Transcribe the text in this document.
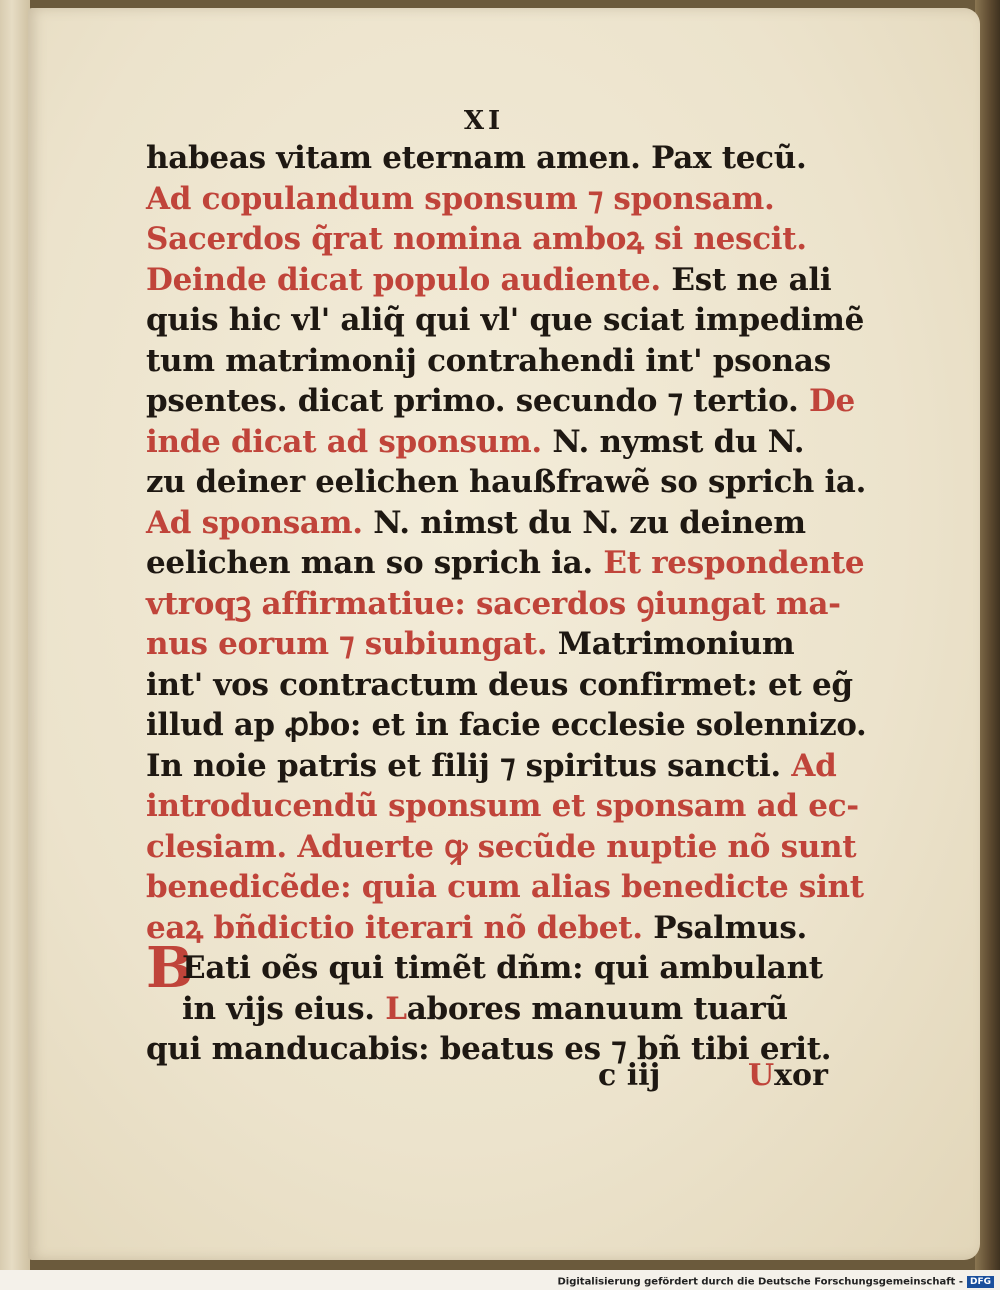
XI
habeas vitam eternam amen. Pax tecũ.
Ad copulandum sponsum ⁊ sponsam.
Sacerdos q̃rat nomina amboꝝ si nescit.
Deinde dicat populo audiente. Est ne ali
quis hic vl' aliq̃ qui vl' que sciat impedimẽ
tum matrimonij contrahendi int' psonas
psentes. dicat primo. secundo ⁊ tertio. De
inde dicat ad sponsum. N. nymst du N.
zu deiner eelichen haußfrawẽ so sprich ia.
Ad sponsam. N. nimst du N. zu deinem
eelichen man so sprich ia. Et respondente
vtroqꝫ affirmatiue: sacerdos ꝯiungat ma-
nus eorum ⁊ subiungat. Matrimonium
int' vos contractum deus confirmet: et eg̃
illud ap ꝓbo: et in facie ecclesie solennizo.
In noie patris et filij ⁊ spiritus sancti. Ad
introducendũ sponsum et sponsam ad ec-
clesiam. Aduerte ꝙ secũde nuptie nõ sunt
benedicẽde: quia cum alias benedicte sint
eaꝝ bñdictio iterari nõ debet. Psalmus.
BEati oẽs qui timẽt dñm: qui ambulant
in vijs eius. Labores manuum tuarũ
qui manducabis: beatus es ⁊ bñ tibi erit.
c iij	Uxor
Digitalisierung gefördert durch die Deutsche Forschungsgemeinschaft - DFG
